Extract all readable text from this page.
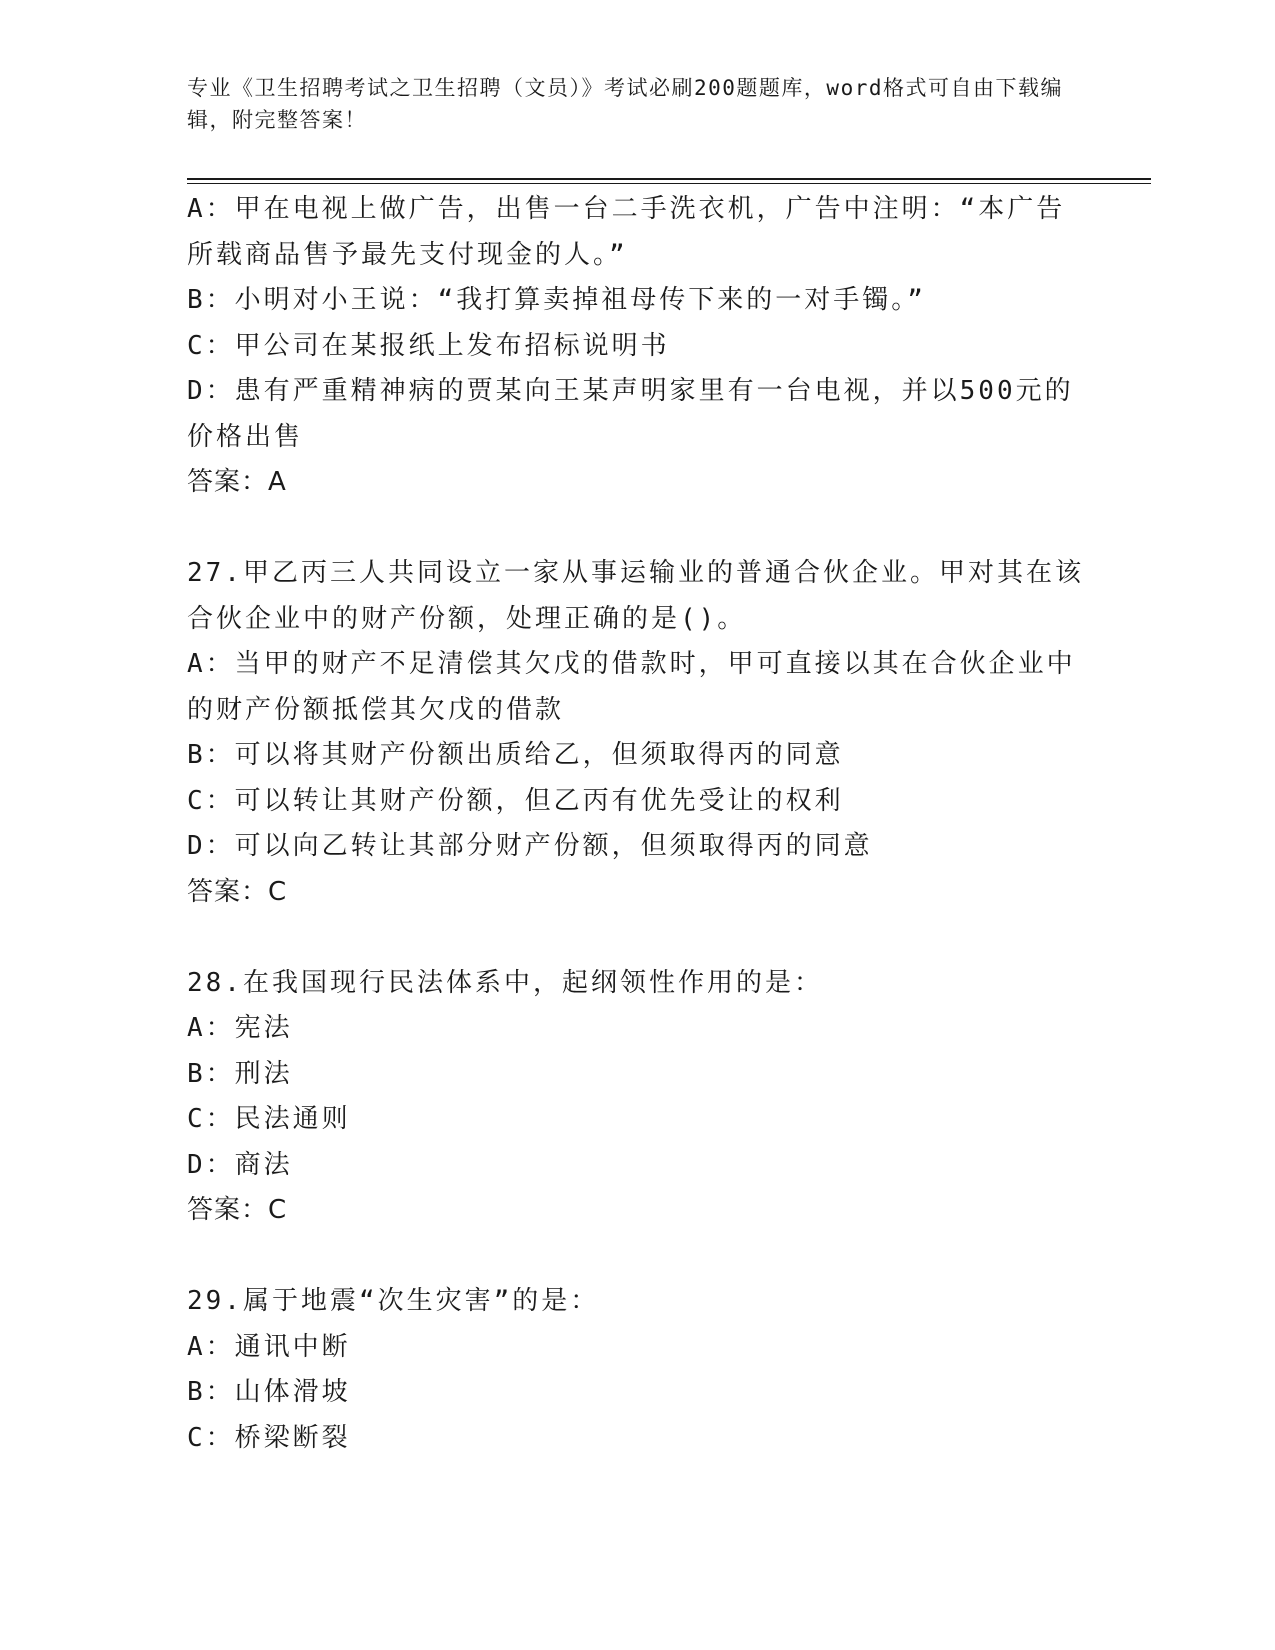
专业《卫生招聘考试之卫生招聘（文员）》考试必刷200题题库，word格式可自由下载编辑，附完整答案！

A：甲在电视上做广告，出售一台二手洗衣机，广告中注明：“本广告所载商品售予最先支付现金的人。”

B：小明对小王说：“我打算卖掉祖母传下来的一对手镯。”

C：甲公司在某报纸上发布招标说明书

D：患有严重精神病的贾某向王某声明家里有一台电视，并以500元的价格出售

答案：A

27.甲乙丙三人共同设立一家从事运输业的普通合伙企业。甲对其在该合伙企业中的财产份额，处理正确的是()。

A：当甲的财产不足清偿其欠戊的借款时，甲可直接以其在合伙企业中的财产份额抵偿其欠戊的借款

B：可以将其财产份额出质给乙，但须取得丙的同意

C：可以转让其财产份额，但乙丙有优先受让的权利

D：可以向乙转让其部分财产份额，但须取得丙的同意

答案：C

28.在我国现行民法体系中，起纲领性作用的是：

A：宪法

B：刑法

C：民法通则

D：商法

答案：C

29.属于地震“次生灾害”的是：

A：通讯中断

B：山体滑坡

C：桥梁断裂
